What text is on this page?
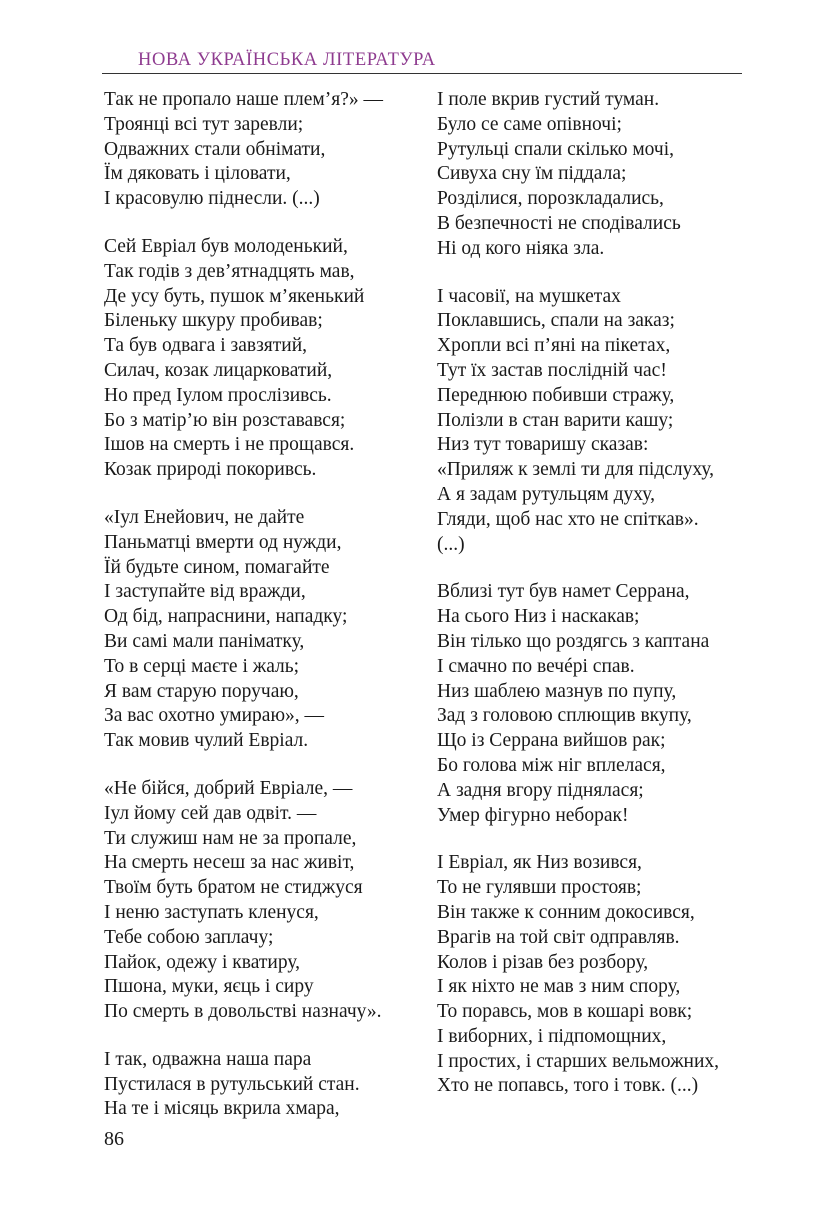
НОВА УКРАЇНСЬКА ЛІТЕРАТУРА
Так не пропало наше плем’я?» —
Троянці всі тут заревли;
Одважних стали обнімати,
Їм дяковать і цiловати,
І красовулю піднесли. (...)
Сей Евріал був молоденький,
Так годів з дев’ятнадцять мав,
Де усу буть, пушок м’якенький
Біленьку шкуру пробивав;
Та був одвага і завзятий,
Силач, козак лицарковатий,
Но пред Іулом прослізивсь.
Бо з матір’ю він розставався;
Ішов на смерть і не прощався.
Козак природі покоривсь.
«Іул Енейович, не дайте
Паньматці вмерти од нужди,
Їй будьте сином, помагайте
І заступайте від вражди,
Од бід, напраснини, нападку;
Ви самі мали панiматку,
То в серці маєте і жаль;
Я вам старую поручаю,
За вас охотно умираю», —
Так мовив чулий Евріал.
«Не бійся, добрий Евріале, —
Іул йому сей дав одвіт. —
Ти служиш нам не за пропале,
На смерть несеш за нас живіт,
Твоїм буть братом не стиджуся
І неню заступать кленуся,
Тебе собою заплачу;
Пайок, одежу і кватиру,
Пшона, муки, яєць і сиру
По смерть в довольстві назначу».
І так, одважна наша пара
Пустилася в рутульський стан.
На те і місяць вкрила хмара,
І поле вкрив густий туман.
Було се саме опівночі;
Рутульці спали скілько мочі,
Сивуха сну їм піддала;
Розділися, порозкладались,
В безпечності не сподівались
Ні од кого ніяка зла.
І часовії, на мушкетах
Поклавшись, спали на заказ;
Хропли всі п’яні на пікетах,
Тут їх застав послідній час!
Переднюю побивши стражу,
Полізли в стан варити кашу;
Низ тут товаришу сказав:
«Приляж к землі ти для підслуху,
А я задам рутульцям духу,
Гляди, щоб нас хто не спіткав».
(...)
Вблизі тут був намет Серрана,
На сього Низ і наскакав;
Він тілько що роздягсь з каптана
І смачно по вечéрі спав.
Низ шаблею мазнув по пупу,
Зад з головою сплющив вкупу,
Що із Серрана вийшов рак;
Бо голова між ніг вплелася,
А задня вгору піднялася;
Умер фігурно неборак!
І Евріал, як Низ возився,
То не гулявши простояв;
Він также к сонним докосився,
Врагів на той світ одправляв.
Колов і різав без розбору,
І як ніхто не мав з ним спору,
То поравсь, мов в кошарі вовк;
І виборних, і підпомощних,
І простих, і старших вельможних,
Хто не попавсь, того і товк. (...)
86
